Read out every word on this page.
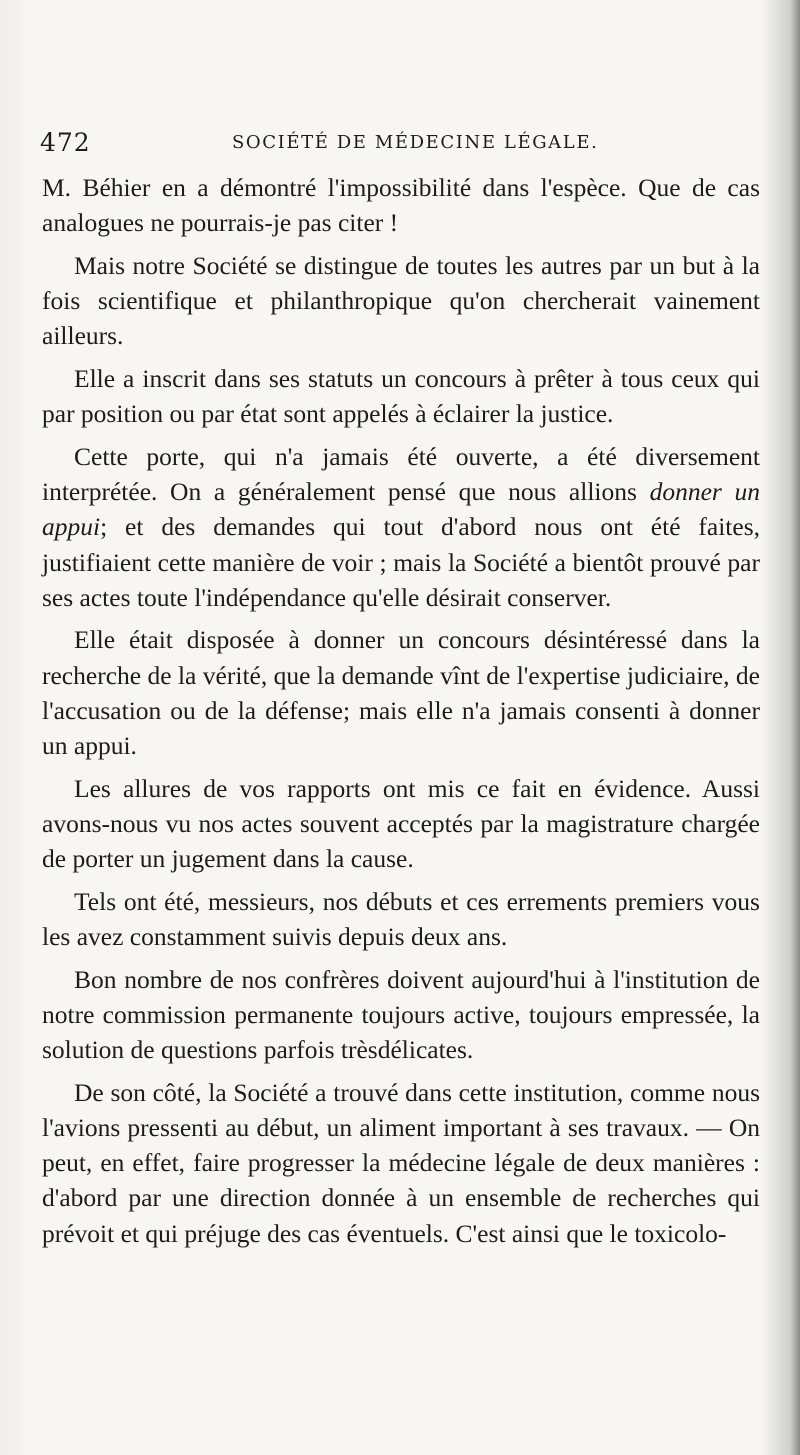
472	SOCIÉTÉ DE MÉDECINE LÉGALE.

M. Béhier en a démontré l'impossibilité dans l'espèce. Que de cas analogues ne pourrais-je pas citer !

Mais notre Société se distingue de toutes les autres par un but à la fois scientifique et philanthropique qu'on chercherait vainement ailleurs.

Elle a inscrit dans ses statuts un concours à prêter à tous ceux qui par position ou par état sont appelés à éclairer la justice.

Cette porte, qui n'a jamais été ouverte, a été diversement interprétée. On a généralement pensé que nous allions donner un appui; et des demandes qui tout d'abord nous ont été faites, justifiaient cette manière de voir ; mais la Société a bientôt prouvé par ses actes toute l'indépendance qu'elle désirait conserver.

Elle était disposée à donner un concours désintéressé dans la recherche de la vérité, que la demande vînt de l'expertise judiciaire, de l'accusation ou de la défense; mais elle n'a jamais consenti à donner un appui.

Les allures de vos rapports ont mis ce fait en évidence. Aussi avons-nous vu nos actes souvent acceptés par la magistrature chargée de porter un jugement dans la cause.

Tels ont été, messieurs, nos débuts et ces errements premiers vous les avez constamment suivis depuis deux ans.

Bon nombre de nos confrères doivent aujourd'hui à l'institution de notre commission permanente toujours active, toujours empressée, la solution de questions parfois trèsdélicates.

De son côté, la Société a trouvé dans cette institution, comme nous l'avions pressenti au début, un aliment important à ses travaux. — On peut, en effet, faire progresser la médecine légale de deux manières : d'abord par une direction donnée à un ensemble de recherches qui prévoit et qui préjuge des cas éventuels. C'est ainsi que le toxicolo-
